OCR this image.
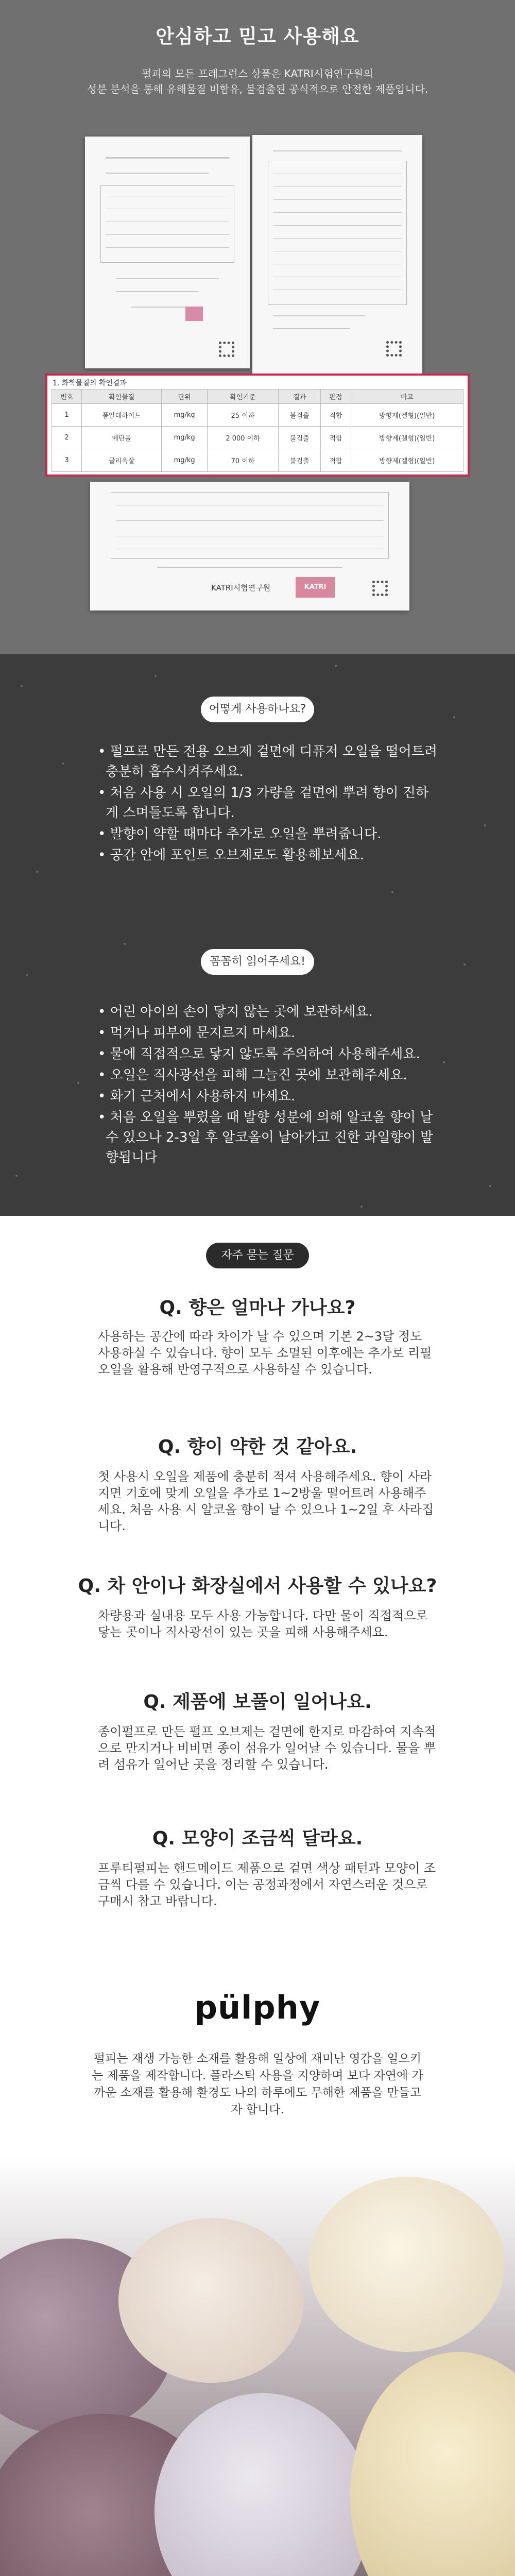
안심하고 믿고 사용해요
펄피의 모든 프레그런스 상품은 KATRI시험연구원의
성분 분석을 통해 유해물질 비함유, 불검출된 공식적으로 안전한 제품입니다.
1. 화학물질의 확인결과
번호	확인물질	단위	확인기준	결과	판정	비고
1	폼알데하이드	mg/kg	25 이하	불검출	적합	방향제(겔형)(일반)
2	메탄올	mg/kg	2 000 이하	불검출	적합	방향제(겔형)(일반)
3	글리옥살	mg/kg	70 이하	불검출	적합	방향제(겔형)(일반)
KATRI시험연구원	KATRI
어떻게 사용하나요?
• 펄프로 만든 전용 오브제 겉면에 디퓨저 오일을 떨어트려 충분히 흡수시켜주세요.
• 처음 사용 시 오일의 1/3 가량을 겉면에 뿌려 향이 진하게 스며들도록 합니다.
• 발향이 약할 때마다 추가로 오일을 뿌려줍니다.
• 공간 안에 포인트 오브제로도 활용해보세요.
꼼꼼히 읽어주세요!
• 어린 아이의 손이 닿지 않는 곳에 보관하세요.
• 먹거나 피부에 문지르지 마세요.
• 물에 직접적으로 닿지 않도록 주의하여 사용해주세요.
• 오일은 직사광선을 피해 그늘진 곳에 보관해주세요.
• 화기 근처에서 사용하지 마세요.
• 처음 오일을 뿌렸을 때 발향 성분에 의해 알코올 향이 날 수 있으나 2-3일 후 알코올이 날아가고 진한 과일향이 발향됩니다
자주 묻는 질문
Q. 향은 얼마나 가나요?
사용하는 공간에 따라 차이가 날 수 있으며 기본 2~3달 정도 사용하실 수 있습니다. 향이 모두 소멸된 이후에는 추가로 리필 오일을 활용해 반영구적으로 사용하실 수 있습니다.
Q. 향이 약한 것 같아요.
첫 사용시 오일을 제품에 충분히 적셔 사용해주세요. 향이 사라지면 기호에 맞게 오일을 추가로 1~2방울 떨어트려 사용해주세요. 처음 사용 시 알코올 향이 날 수 있으나 1~2일 후 사라집니다.
Q. 차 안이나 화장실에서 사용할 수 있나요?
차량용과 실내용 모두 사용 가능합니다. 다만 물이 직접적으로 닿는 곳이나 직사광선이 있는 곳을 피해 사용해주세요.
Q. 제품에 보풀이 일어나요.
종이펄프로 만든 펄프 오브제는 겉면에 한지로 마감하여 지속적으로 만지거나 비비면 종이 섬유가 일어날 수 있습니다. 물을 뿌려 섬유가 일어난 곳을 정리할 수 있습니다.
Q. 모양이 조금씩 달라요.
프루티펄피는 핸드메이드 제품으로 겉면 색상 패턴과 모양이 조금씩 다를 수 있습니다. 이는 공정과정에서 자연스러운 것으로 구매시 참고 바랍니다.
pülphy
펄피는 재생 가능한 소재를 활용해 일상에 재미난 영감을 일으키는 제품을 제작합니다. 플라스틱 사용을 지양하며 보다 자연에 가까운 소재를 활용해 환경도 나의 하루에도 무해한 제품을 만들고자 합니다.
